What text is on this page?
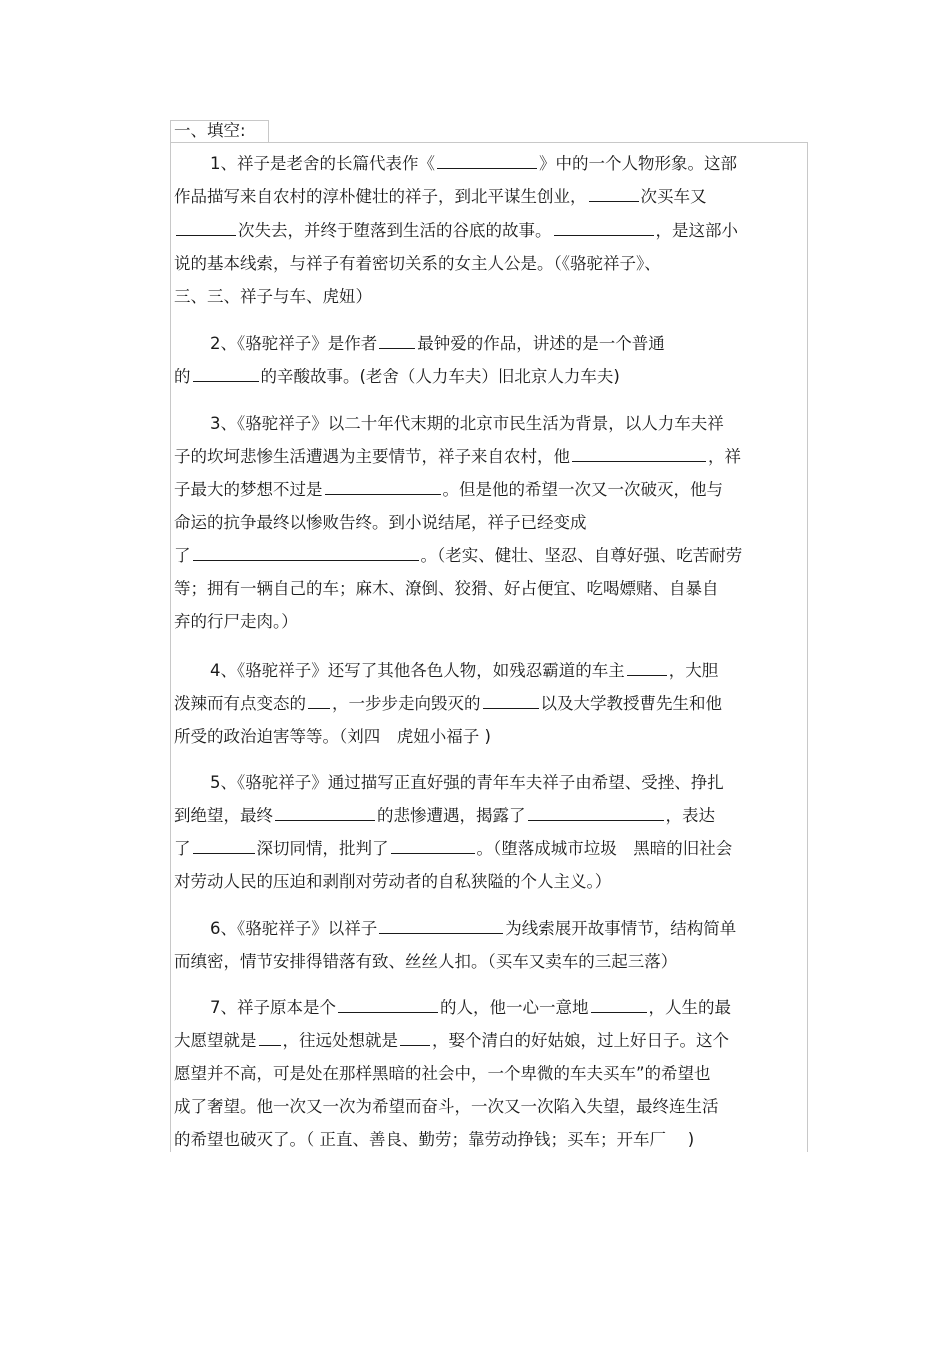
一、填空:
1、祥子是老舍的长篇代表作《	》中的一个人物形象。这部
作品描写来自农村的淳朴健壮的祥子，到北平谋生创业，	次买车又
次失去，并终于堕落到生活的谷底的故事。	，是这部小
说的基本线索，与祥子有着密切关系的女主人公是。（《骆驼祥子》、
三、三、祥子与车、虎妞）
2、《骆驼祥子》是作者 最钟爱的作品，讲述的是一个普通
的	的辛酸故事。(老舍（人力车夫）旧北京人力车夫)
3、《骆驼祥子》以二十年代末期的北京市民生活为背景，以人力车夫祥
子的坎坷悲惨生活遭遇为主要情节，祥子来自农村，他	，祥
子最大的梦想不过是	。但是他的希望一次又一次破灭，他与
命运的抗争最终以惨败告终。到小说结尾，祥子已经变成
了	。（老实、健壮、坚忍、自尊好强、吃苦耐劳
等；拥有一辆自己的车；麻木、潦倒、狡猾、好占便宜、吃喝嫖赌、自暴自
弃的行尸走肉。）
4、《骆驼祥子》还写了其他各色人物，如残忍霸道的车主	，大胆
泼辣而有点变态的 ，一步步走向毁灭的	以及大学教授曹先生和他
所受的政治迫害等等。（刘四　虎妞小福子 )
5、《骆驼祥子》通过描写正直好强的青年车夫祥子由希望、受挫、挣扎
到绝望，最终	的悲惨遭遇，揭露了	，表达
了	深切同情，批判了	。（堕落成城市垃圾　黑暗的旧社会
对劳动人民的压迫和剥削对劳动者的自私狭隘的个人主义。）
6、《骆驼祥子》以祥子	为线索展开故事情节，结构简单
而缜密，情节安排得错落有致、丝丝人扣。（买车又卖车的三起三落）
7、祥子原本是个	的人，他一心一意地	，人生的最
大愿望就是 ，往远处想就是 ，娶个清白的好姑娘，过上好日子。这个
愿望并不高，可是处在那样黑暗的社会中，一个卑微的车夫买车”的希望也
成了奢望。他一次又一次为希望而奋斗，一次又一次陷入失望，最终连生活
的希望也破灭了。（ 正直、善良、勤劳；靠劳动挣钱；买车；开车厂　 )
